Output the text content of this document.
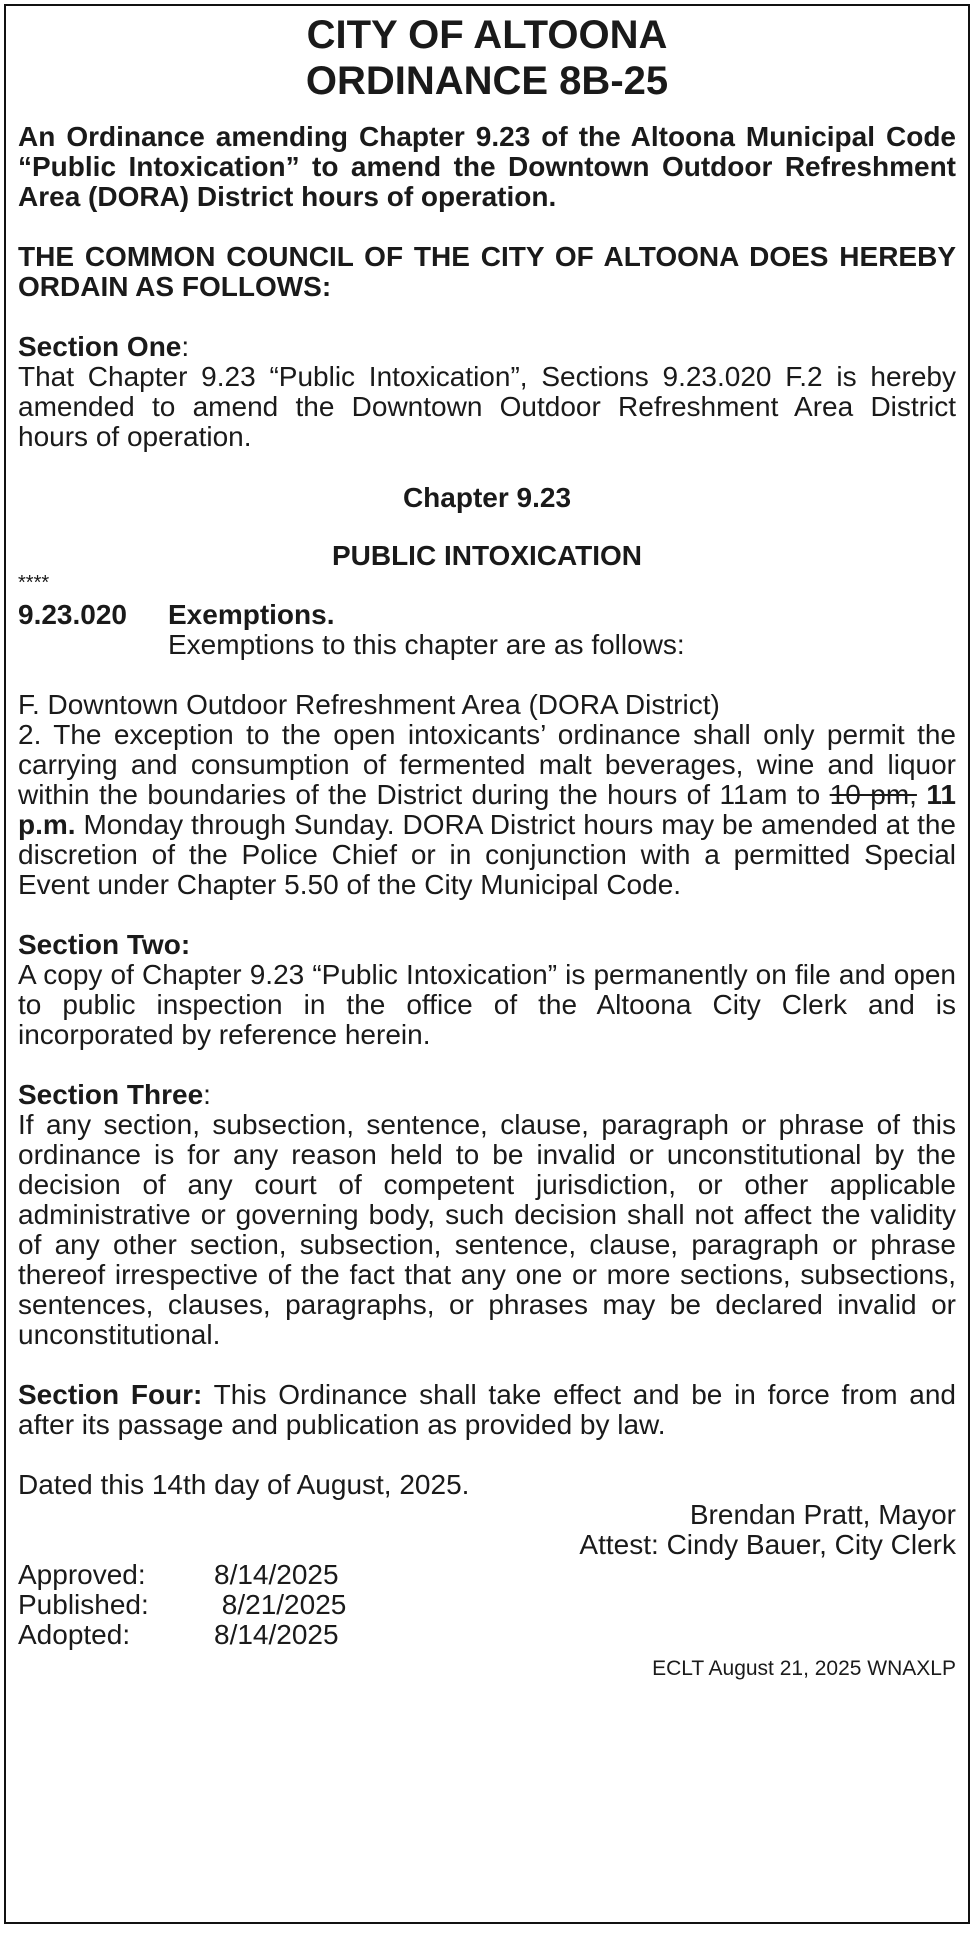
CITY OF ALTOONA
ORDINANCE 8B-25

An Ordinance amending Chapter 9.23 of the Altoona Municipal Code “Public Intoxication” to amend the Downtown Outdoor Refreshment Area (DORA) District hours of operation.

THE COMMON COUNCIL OF THE CITY OF ALTOONA DOES HEREBY ORDAIN AS FOLLOWS:

Section One:

That Chapter 9.23 “Public Intoxication”, Sections 9.23.020 F.2 is hereby amended to amend the Downtown Outdoor Refreshment Area District hours of operation.

Chapter 9.23

PUBLIC INTOXICATION

****
9.23.020	Exemptions.
Exemptions to this chapter are as follows:

F. Downtown Outdoor Refreshment Area (DORA District)

2. The exception to the open intoxicants’ ordinance shall only permit the carrying and consumption of fermented malt beverages, wine and liquor within the boundaries of the District during the hours of 11am to 10 pm, 11 p.m. Monday through Sunday. DORA District hours may be amended at the discretion of the Police Chief or in conjunction with a permitted Special Event under Chapter 5.50 of the City Municipal Code.

Section Two:

A copy of Chapter 9.23 “Public Intoxication” is permanently on file and open to public inspection in the office of the Altoona City Clerk and is incorporated by reference herein.

Section Three:

If any section, subsection, sentence, clause, paragraph or phrase of this ordinance is for any reason held to be invalid or unconstitutional by the decision of any court of competent jurisdiction, or other applicable administrative or governing body, such decision shall not affect the validity of any other section, subsection, sentence, clause, paragraph or phrase thereof irrespective of the fact that any one or more sections, subsections, sentences, clauses, paragraphs, or phrases may be declared invalid or unconstitutional.

Section Four: This Ordinance shall take effect and be in force from and after its passage and publication as provided by law.

Dated this 14th day of August, 2025.

Brendan Pratt, Mayor

Attest: Cindy Bauer, City Clerk

Approved:	8/14/2025
Published:	8/21/2025
Adopted:	8/14/2025
ECLT August 21, 2025 WNAXLP
